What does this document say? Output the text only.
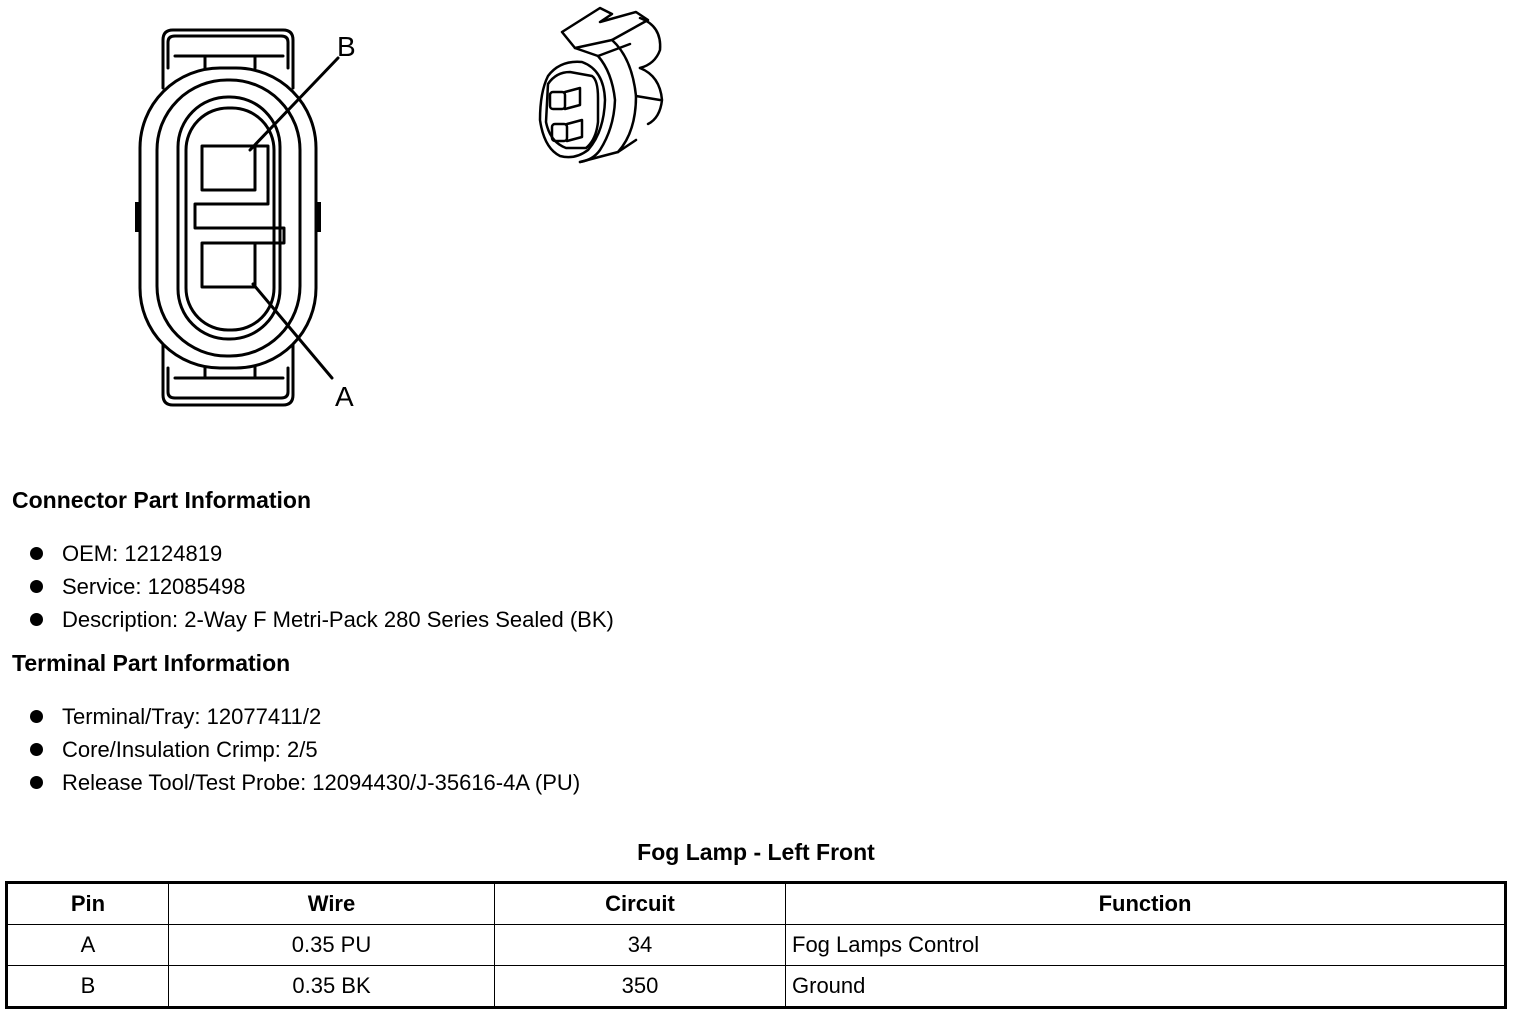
B
A
Connector Part Information
OEM: 12124819
Service: 12085498
Description: 2-Way F Metri-Pack 280 Series Sealed (BK)
Terminal Part Information
Terminal/Tray: 12077411/2
Core/Insulation Crimp: 2/5
Release Tool/Test Probe: 12094430/J-35616-4A (PU)
Fog Lamp - Left Front
Pin	Wire	Circuit	Function
A	0.35 PU	34	Fog Lamps Control
B	0.35 BK	350	Ground
